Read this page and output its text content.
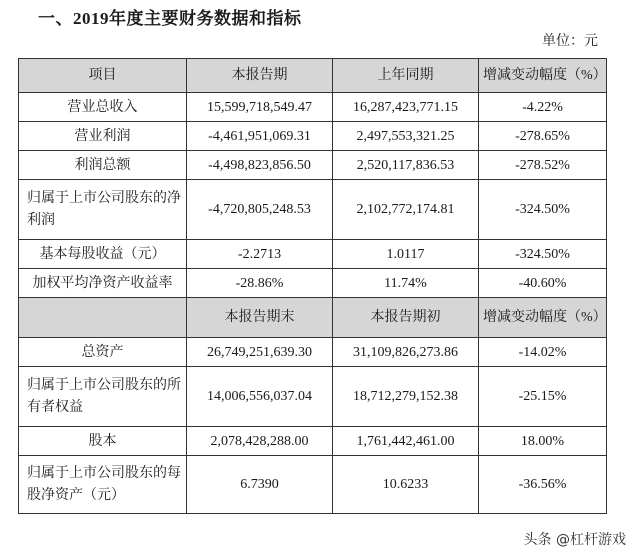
一、2019年度主要财务数据和指标
单位：元
项目	本报告期	上年同期	增减变动幅度（%）
营业总收入	15,599,718,549.47	16,287,423,771.15	-4.22%
营业利润	-4,461,951,069.31	2,497,553,321.25	-278.65%
利润总额	-4,498,823,856.50	2,520,117,836.53	-278.52%
归属于上市公司股东的净利润	-4,720,805,248.53	2,102,772,174.81	-324.50%
基本每股收益（元）	-2.2713	1.0117	-324.50%
加权平均净资产收益率	-28.86%	11.74%	-40.60%
	本报告期末	本报告期初	增减变动幅度（%）
总资产	26,749,251,639.30	31,109,826,273.86	-14.02%
归属于上市公司股东的所有者权益	14,006,556,037.04	18,712,279,152.38	-25.15%
股本	2,078,428,288.00	1,761,442,461.00	18.00%
归属于上市公司股东的每股净资产（元）	6.7390	10.6233	-36.56%
头条 @杠杆游戏
